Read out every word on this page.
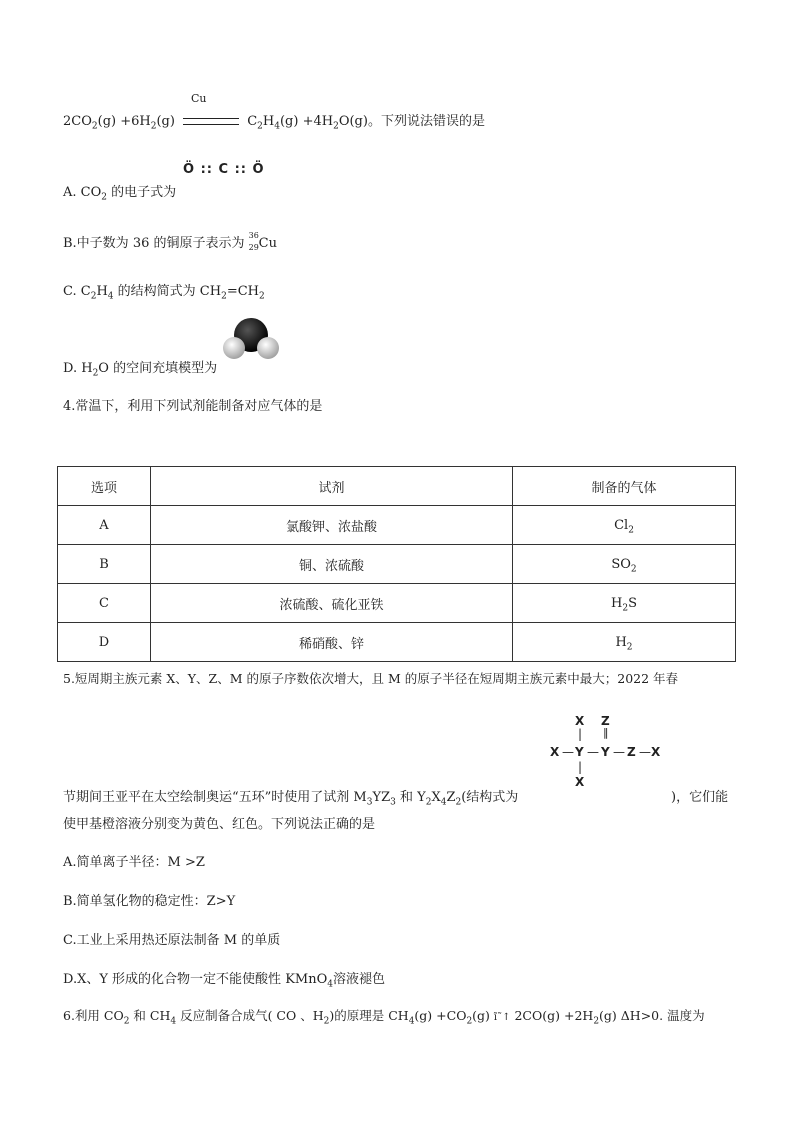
Cu
$2CO_2(g) +6H_2(g)$	$C_2H_4(g) +4H_2O(g)$。下列说法错误的是
A. $CO_2$ 的电子式为
Ö :: C :: Ö
B.中子数为 36 的铜原子表示为
36
29 Cu
C. $C_2H_4$ 的结构简式为 $CH_2=CH_2$
D. $H_2O$ 的空间充填模型为
4.常温下，利用下列试剂能制备对应气体的是
选项	试剂	制备的气体
A	氯酸钾、浓盐酸	$Cl_2$
B	铜、浓硫酸	$SO_2$
C	浓硫酸、硫化亚铁	$H_2S$
D	稀硝酸、锌	$H_2$
5.短周期主族元素 X、Y、Z、M 的原子序数依次增大，且 M 的原子半径在短周期主族元素中最大；2022 年春
X Z
| ‖
X — Y — Y — Z — X
|
X
节期间王亚平在太空绘制奥运“五环”时使用了试剂 $M_3YZ_3$ 和 $Y_2X_4Z_2$(结构式为	)，它们能
使甲基橙溶液分别变为黄色、红色。下列说法正确的是
A.简单离子半径：M >Z
B.简单氢化物的稳定性：Z>Y
C.工业上采用热还原法制备 M 的单质
D.X、Y 形成的化合物一定不能使酸性 KMnO$_4$溶液褪色
6.利用 $CO_2$ 和 $CH_4$ 反应制备合成气( CO 、$H_2$)的原理是 $CH_4(g) +CO_2(g)$ ĩ˜↑ $2CO(g) +2H_2(g)$ ΔH>0. 温度为
